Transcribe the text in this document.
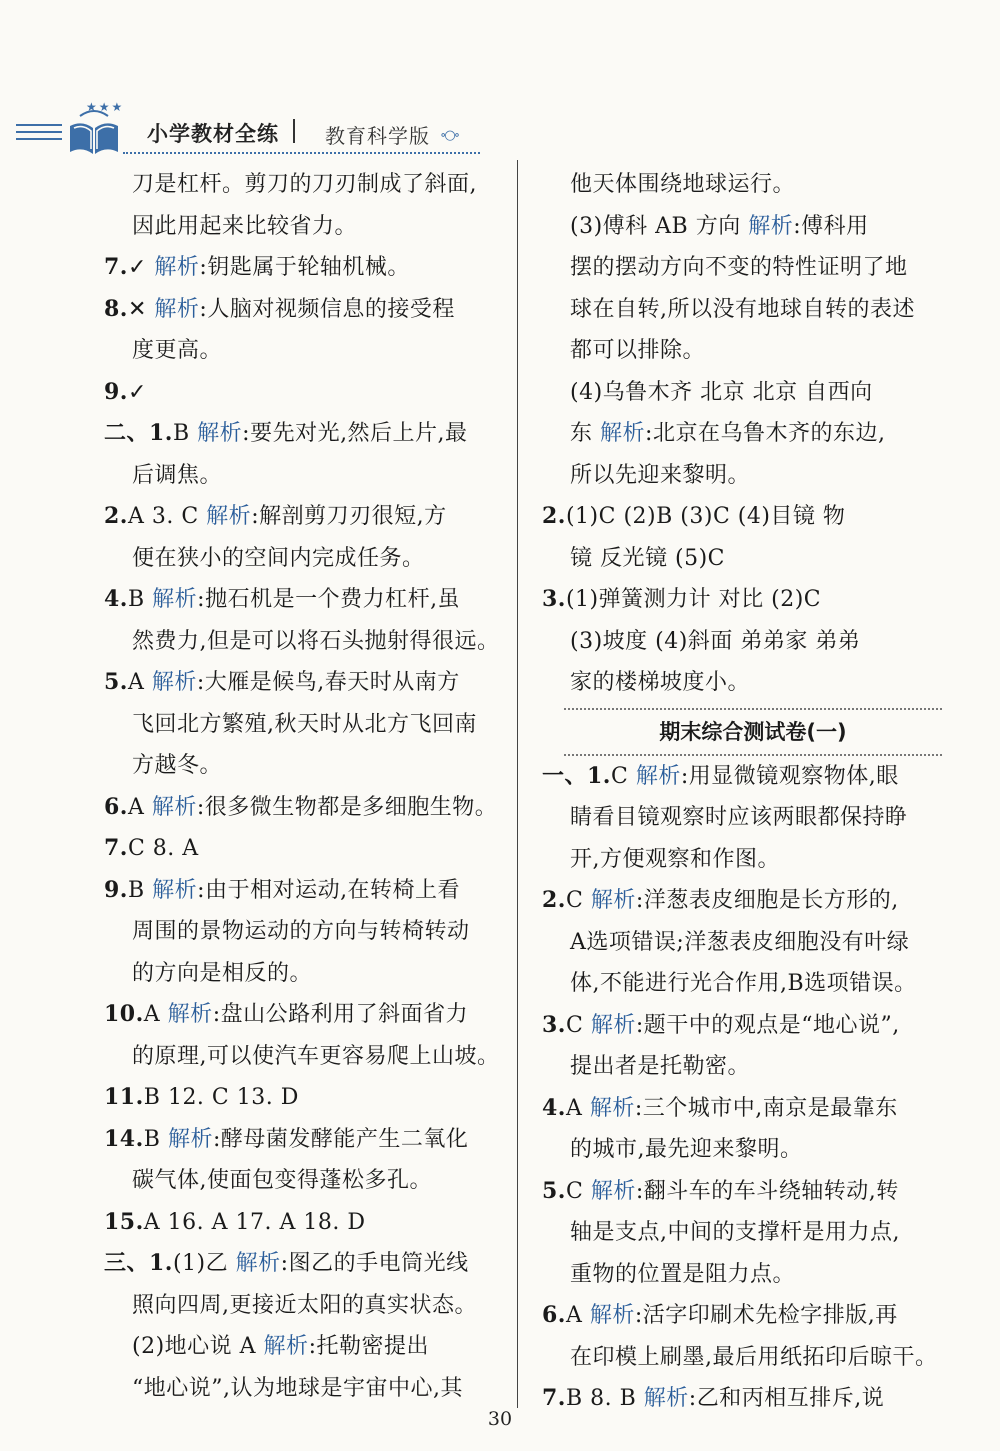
★★★
小学教材全练 教育科学版 ∘○∘
刀是杠杆。剪刀的刀刃制成了斜面,
因此用起来比较省力。
7.✓ 解析:钥匙属于轮轴机械。
8.✕ 解析:人脑对视频信息的接受程
度更高。
9.✓
二、1.B 解析:要先对光,然后上片,最
后调焦。
2.A 3. C 解析:解剖剪刀刃很短,方
便在狭小的空间内完成任务。
4.B 解析:抛石机是一个费力杠杆,虽
然费力,但是可以将石头抛射得很远。
5.A 解析:大雁是候鸟,春天时从南方
飞回北方繁殖,秋天时从北方飞回南
方越冬。
6.A 解析:很多微生物都是多细胞生物。
7.C 8. A
9.B 解析:由于相对运动,在转椅上看
周围的景物运动的方向与转椅转动
的方向是相反的。
10.A 解析:盘山公路利用了斜面省力
的原理,可以使汽车更容易爬上山坡。
11.B 12. C 13. D
14.B 解析:酵母菌发酵能产生二氧化
碳气体,使面包变得蓬松多孔。
15.A 16. A 17. A 18. D
三、1.(1)乙 解析:图乙的手电筒光线
照向四周,更接近太阳的真实状态。
(2)地心说 A 解析:托勒密提出
“地心说”,认为地球是宇宙中心,其
他天体围绕地球运行。
(3)傅科 AB 方向 解析:傅科用
摆的摆动方向不变的特性证明了地
球在自转,所以没有地球自转的表述
都可以排除。
(4)乌鲁木齐 北京 北京 自西向
东 解析:北京在乌鲁木齐的东边,
所以先迎来黎明。
2.(1)C (2)B (3)C (4)目镜 物
镜 反光镜 (5)C
3.(1)弹簧测力计 对比 (2)C
(3)坡度 (4)斜面 弟弟家 弟弟
家的楼梯坡度小。
期末综合测试卷(一)
一、1.C 解析:用显微镜观察物体,眼
睛看目镜观察时应该两眼都保持睁
开,方便观察和作图。
2.C 解析:洋葱表皮细胞是长方形的,
A选项错误;洋葱表皮细胞没有叶绿
体,不能进行光合作用,B选项错误。
3.C 解析:题干中的观点是“地心说”,
提出者是托勒密。
4.A 解析:三个城市中,南京是最靠东
的城市,最先迎来黎明。
5.C 解析:翻斗车的车斗绕轴转动,转
轴是支点,中间的支撑杆是用力点,
重物的位置是阻力点。
6.A 解析:活字印刷术先检字排版,再
在印模上刷墨,最后用纸拓印后晾干。
7.B 8. B 解析:乙和丙相互排斥,说
30
